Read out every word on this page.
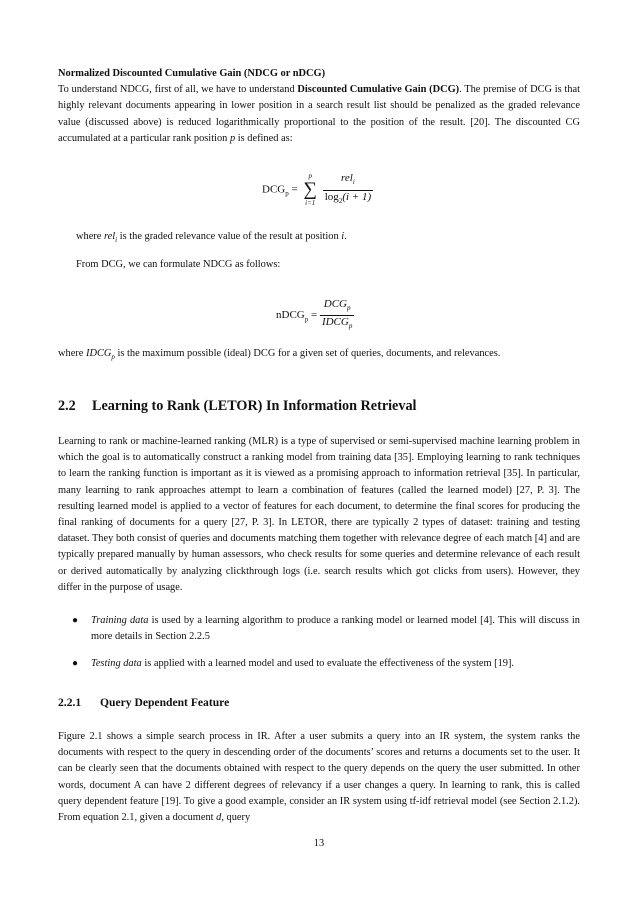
Normalized Discounted Cumulative Gain (NDCG or nDCG)
To understand NDCG, first of all, we have to understand Discounted Cumulative Gain (DCG). The premise of DCG is that highly relevant documents appearing in lower position in a search result list should be penalized as the graded relevance value (discussed above) is reduced logarithmically proportional to the position of the result. [20]. The discounted CG accumulated at a particular rank position p is defined as:

$DCG_p$ =
p
∑
i=1
$\frac{rel_i}{\log_2(i + 1)}$

where rel$_i$ is the graded relevance value of the result at position i.

From DCG, we can formulate NDCG as follows:

nDCG$_p$ = $\frac{DCG_p}{IDCG_p}$

where $IDCG_p$ is the maximum possible (ideal) DCG for a given set of queries, documents, and relevances.

2.2 Learning to Rank (LETOR) In Information Retrieval

Learning to rank or machine-learned ranking (MLR) is a type of supervised or semi-supervised machine learning problem in which the goal is to automatically construct a ranking model from training data [35]. Employing learning to rank techniques to learn the ranking function is important as it is viewed as a promising approach to information retrieval [35]. In particular, many learning to rank approaches attempt to learn a combination of features (called the learned model) [27, P. 3]. The resulting learned model is applied to a vector of features for each document, to determine the final scores for producing the final ranking of documents for a query [27, P. 3]. In LETOR, there are typically 2 types of dataset: training and testing dataset. They both consist of queries and documents matching them together with relevance degree of each match [4] and are typically prepared manually by human assessors, who check results for some queries and determine relevance of each result or derived automatically by analyzing clickthrough logs (i.e. search results which got clicks from users). However, they differ in the purpose of usage.

● Training data is used by a learning algorithm to produce a ranking model or learned model [4]. This will discuss in more details in Section 2.2.5
● Testing data is applied with a learned model and used to evaluate the effectiveness of the system [19].
2.2.1 Query Dependent Feature

Figure 2.1 shows a simple search process in IR. After a user submits a query into an IR system, the system ranks the documents with respect to the query in descending order of the documents’ scores and returns a documents set to the user. It can be clearly seen that the documents obtained with respect to the query depends on the query the user submitted. In other words, document A can have 2 different degrees of relevancy if a user changes a query. In learning to rank, this is called query dependent feature [19]. To give a good example, consider an IR system using tf-idf retrieval model (see Section 2.1.2). From equation 2.1, given a document d, query

13
